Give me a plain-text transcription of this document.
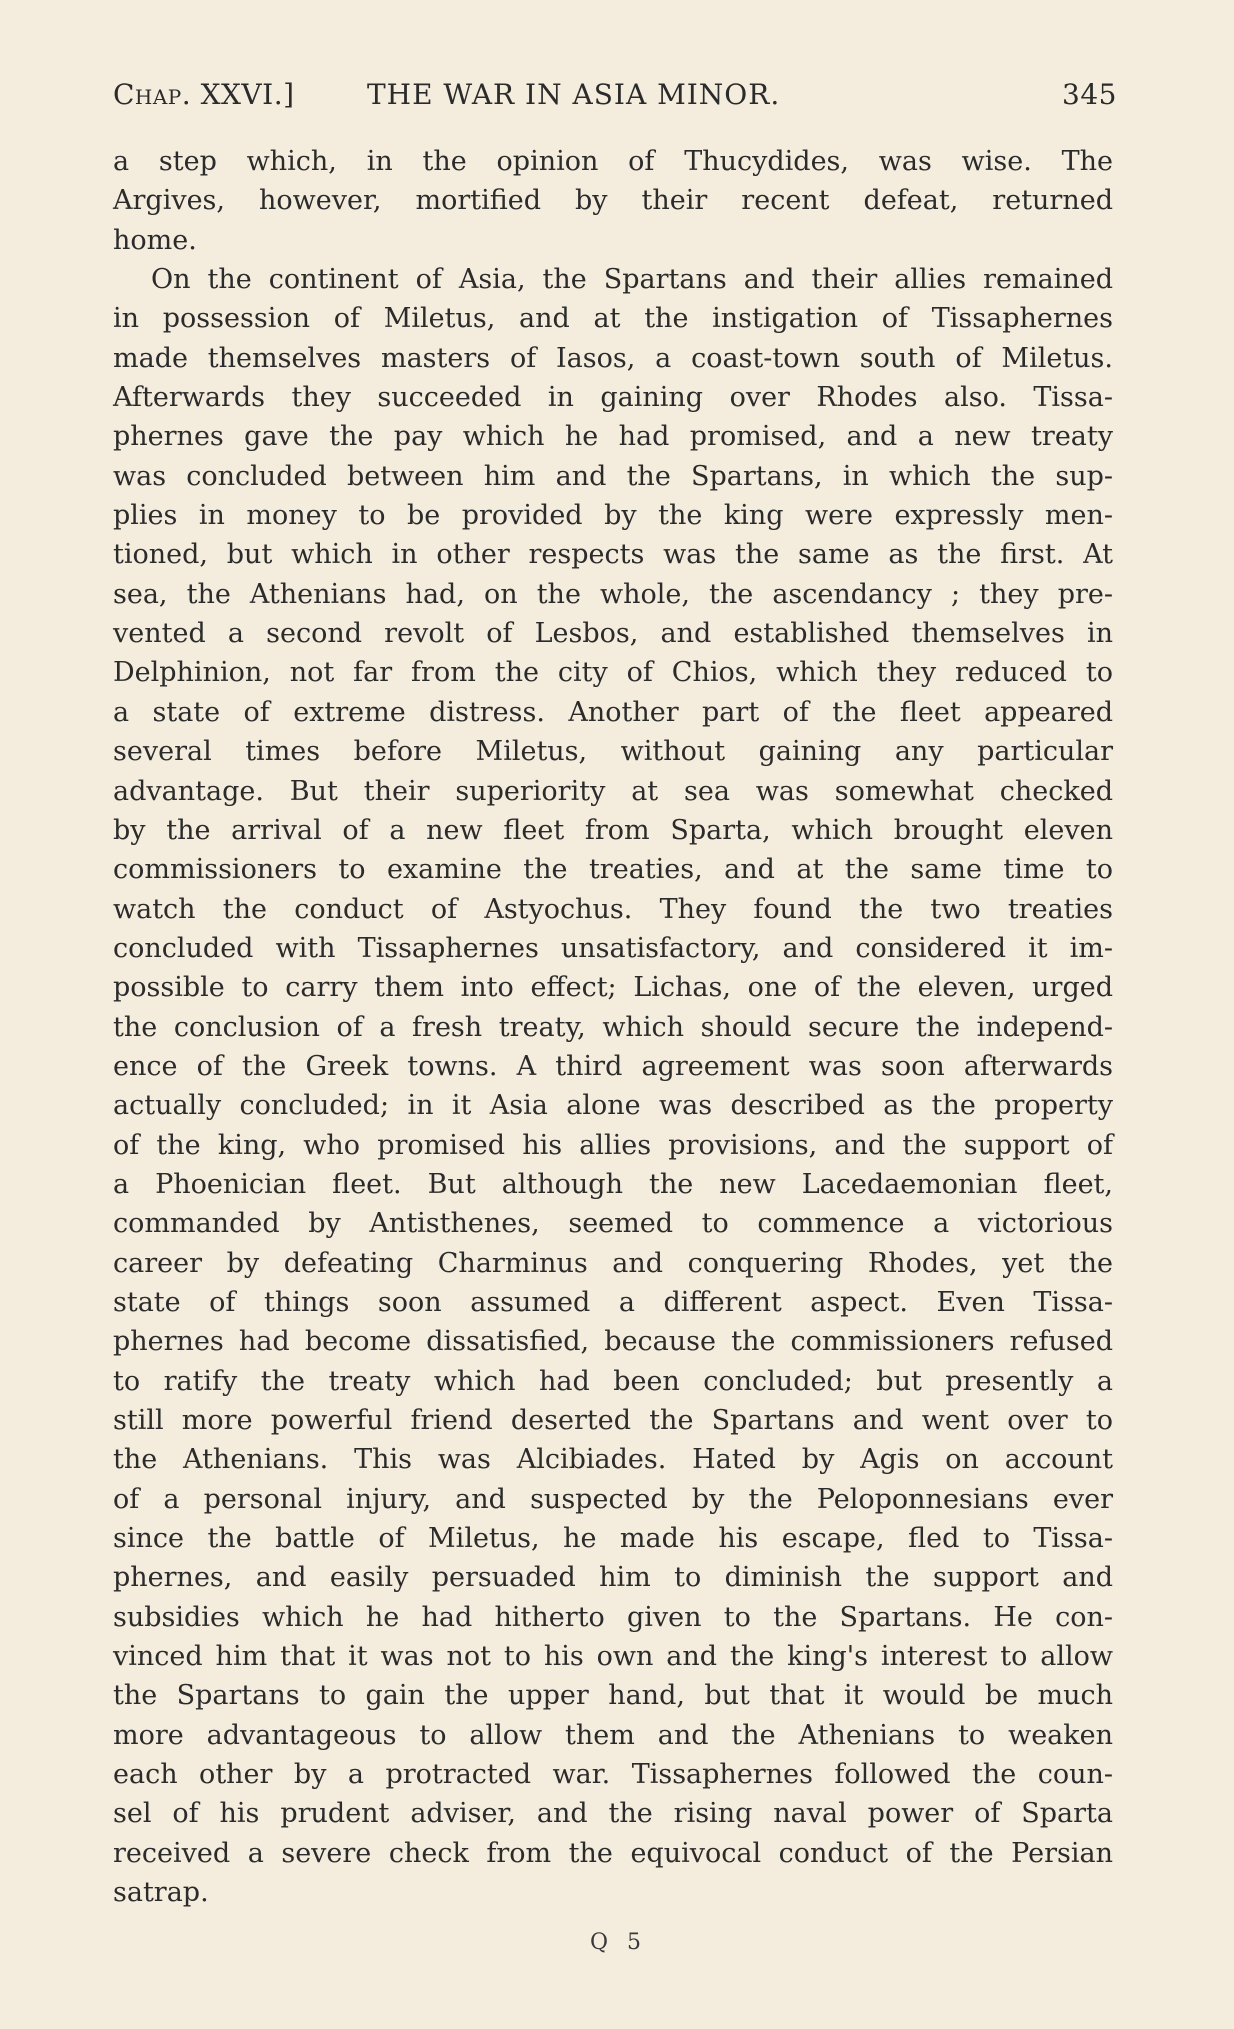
Chap. XXVI.]	THE WAR IN ASIA MINOR.	345
a step which, in the opinion of Thucydides, was wise. The
Argives, however, mortified by their recent defeat, returned
home.
On the continent of Asia, the Spartans and their allies remained
in possession of Miletus, and at the instigation of Tissaphernes
made themselves masters of Iasos, a coast-town south of Miletus.
Afterwards they succeeded in gaining over Rhodes also. Tissa-
phernes gave the pay which he had promised, and a new treaty
was concluded between him and the Spartans, in which the sup-
plies in money to be provided by the king were expressly men-
tioned, but which in other respects was the same as the first. At
sea, the Athenians had, on the whole, the ascendancy ; they pre-
vented a second revolt of Lesbos, and established themselves in
Delphinion, not far from the city of Chios, which they reduced to
a state of extreme distress. Another part of the fleet appeared
several times before Miletus, without gaining any particular
advantage. But their superiority at sea was somewhat checked
by the arrival of a new fleet from Sparta, which brought eleven
commissioners to examine the treaties, and at the same time to
watch the conduct of Astyochus. They found the two treaties
concluded with Tissaphernes unsatisfactory, and considered it im-
possible to carry them into effect; Lichas, one of the eleven, urged
the conclusion of a fresh treaty, which should secure the independ-
ence of the Greek towns. A third agreement was soon afterwards
actually concluded; in it Asia alone was described as the property
of the king, who promised his allies provisions, and the support of
a Phoenician fleet. But although the new Lacedaemonian fleet,
commanded by Antisthenes, seemed to commence a victorious
career by defeating Charminus and conquering Rhodes, yet the
state of things soon assumed a different aspect. Even Tissa-
phernes had become dissatisfied, because the commissioners refused
to ratify the treaty which had been concluded; but presently a
still more powerful friend deserted the Spartans and went over to
the Athenians. This was Alcibiades. Hated by Agis on account
of a personal injury, and suspected by the Peloponnesians ever
since the battle of Miletus, he made his escape, fled to Tissa-
phernes, and easily persuaded him to diminish the support and
subsidies which he had hitherto given to the Spartans. He con-
vinced him that it was not to his own and the king's interest to allow
the Spartans to gain the upper hand, but that it would be much
more advantageous to allow them and the Athenians to weaken
each other by a protracted war. Tissaphernes followed the coun-
sel of his prudent adviser, and the rising naval power of Sparta
received a severe check from the equivocal conduct of the Persian
satrap.
Q 5
